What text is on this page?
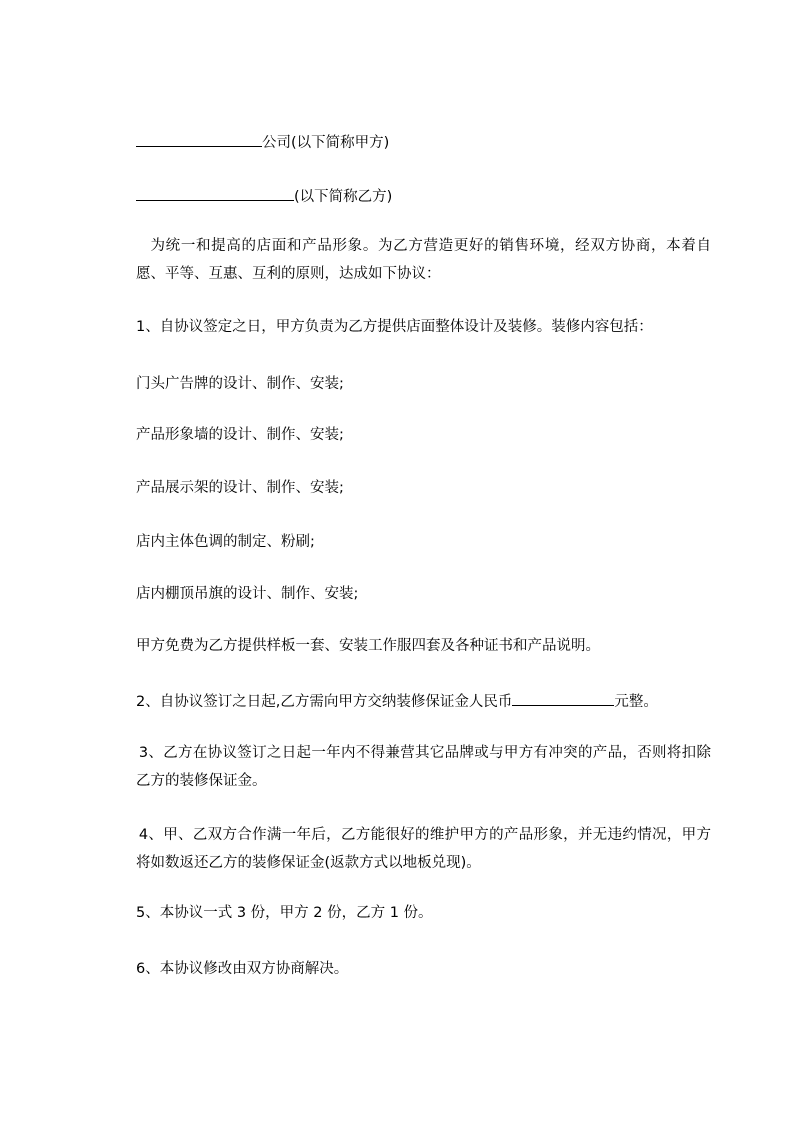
公司(以下简称甲方)
(以下简称乙方)
为统一和提高的店面和产品形象。为乙方营造更好的销售环境，经双方协商，本着自愿、平等、互惠、互利的原则，达成如下协议：
1、自协议签定之日，甲方负责为乙方提供店面整体设计及装修。装修内容包括：
门头广告牌的设计、制作、安装;
产品形象墙的设计、制作、安装;
产品展示架的设计、制作、安装;
店内主体色调的制定、粉刷;
店内棚顶吊旗的设计、制作、安装;
甲方免费为乙方提供样板一套、安装工作服四套及各种证书和产品说明。
2、自协议签订之日起,乙方需向甲方交纳装修保证金人民币	元整。
3、乙方在协议签订之日起一年内不得兼营其它品牌或与甲方有冲突的产品，否则将扣除乙方的装修保证金。
4、甲、乙双方合作满一年后，乙方能很好的维护甲方的产品形象，并无违约情况，甲方将如数返还乙方的装修保证金(返款方式以地板兑现)。
5、本协议一式 3 份，甲方 2 份，乙方 1 份。
6、本协议修改由双方协商解决。
